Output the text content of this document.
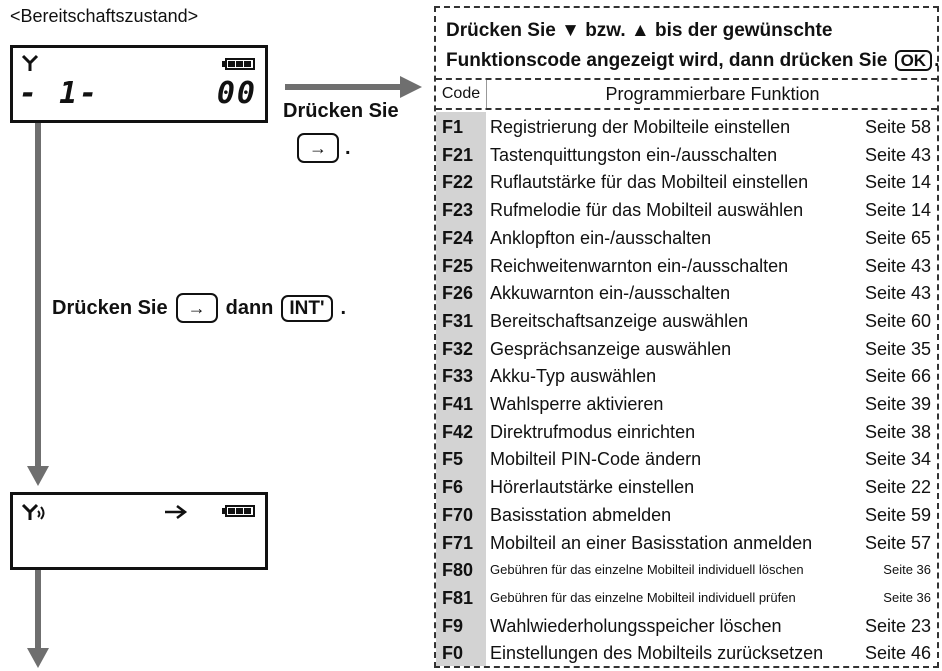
<Bereitschaftszustand>
- 1-	00 Drücken Sie
→ .
Drücken Sie	→	dann INT' .
Drücken Sie ▼ bzw. ▲ bis der gewünschte
Funktionscode angezeigt wird, dann drücken Sie OK .
Code	Programmierbare Funktion
F1 Registrierung der Mobilteile einstellen	Seite 58
F21 Tastenquittungston ein-/ausschalten	Seite 43
F22 Ruflautstärke für das Mobilteil einstellen	Seite 14
F23 Rufmelodie für das Mobilteil auswählen	Seite 14
F24 Anklopfton ein-/ausschalten	Seite 65
F25 Reichweitenwarnton ein-/ausschalten	Seite 43
F26 Akkuwarnton ein-/ausschalten	Seite 43
F31 Bereitschaftsanzeige auswählen	Seite 60
F32 Gesprächsanzeige auswählen	Seite 35
F33 Akku-Typ auswählen	Seite 66
F41 Wahlsperre aktivieren	Seite 39
F42 Direktrufmodus einrichten	Seite 38
F5 Mobilteil PIN-Code ändern	Seite 34
F6 Hörerlautstärke einstellen	Seite 22
F70 Basisstation abmelden	Seite 59
F71 Mobilteil an einer Basisstation anmelden	Seite 57
F80 Gebühren für das einzelne Mobilteil individuell löschen	Seite 36
F81 Gebühren für das einzelne Mobilteil individuell prüfen	Seite 36
F9 Wahlwiederholungsspeicher löschen	Seite 23
F0 Einstellungen des Mobilteils zurücksetzen Seite 46
